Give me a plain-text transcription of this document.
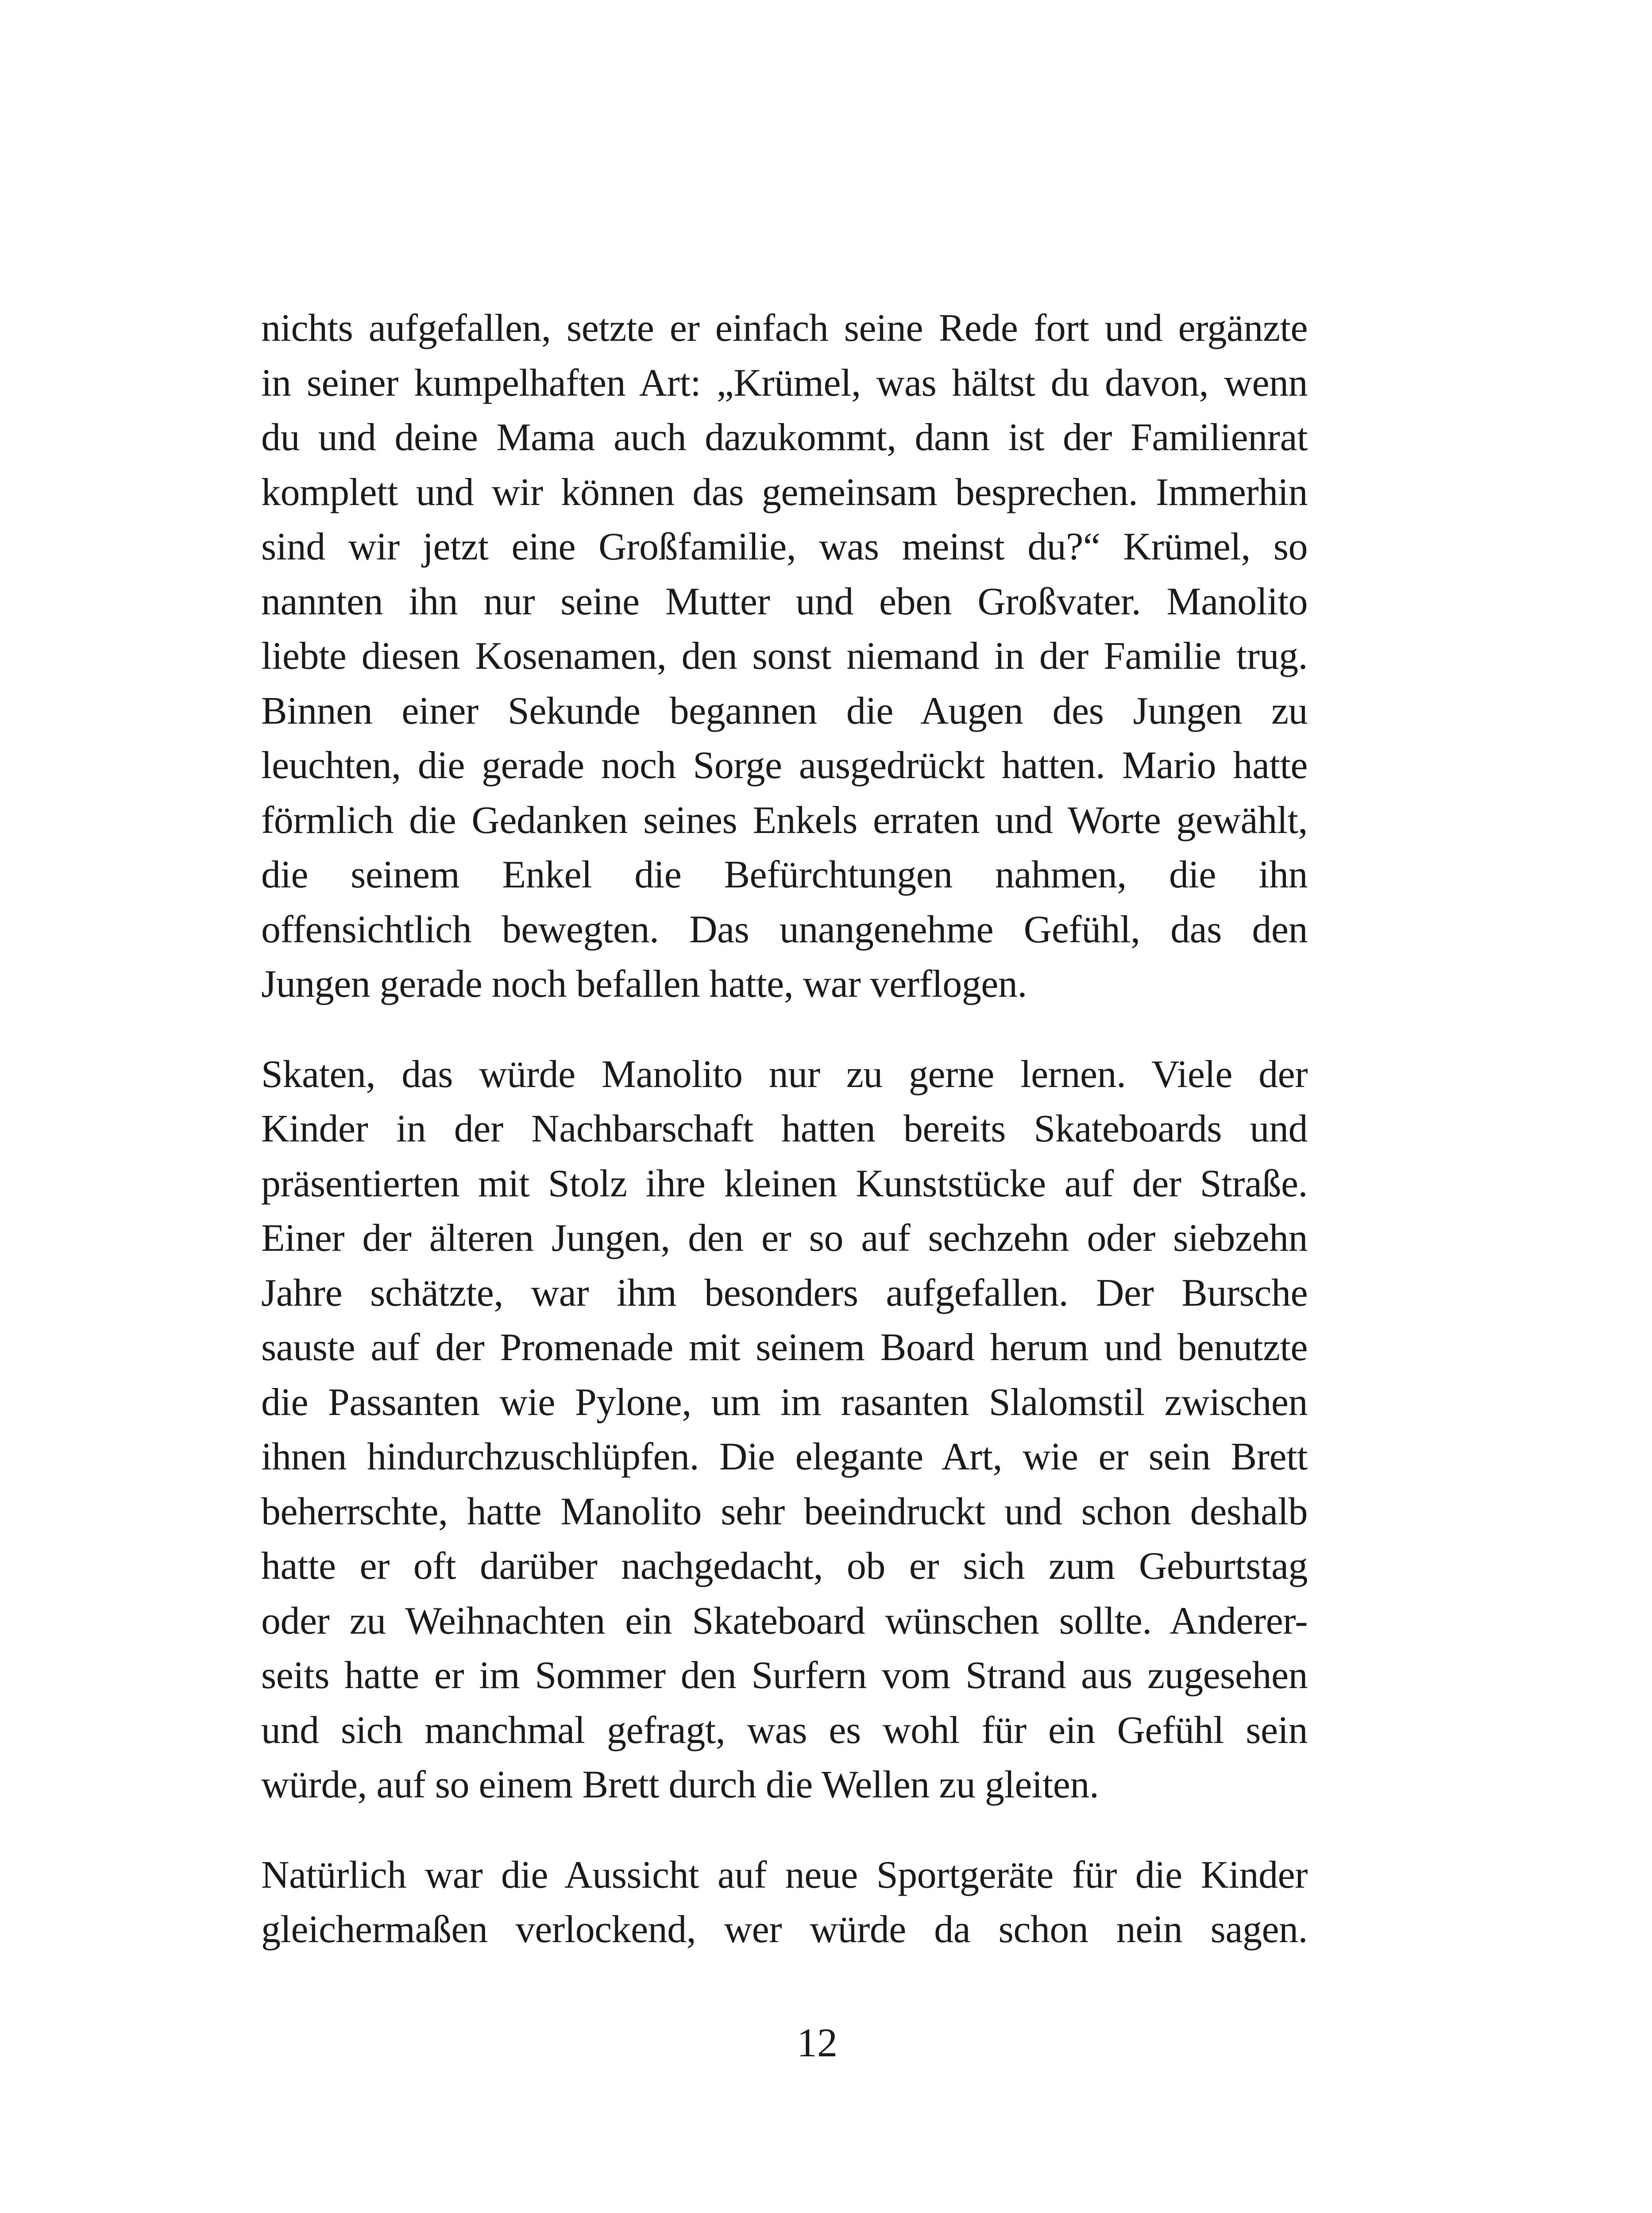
nichts aufgefallen, setzte er einfach seine Rede fort und ergänzte
in seiner kumpelhaften Art: „Krümel, was hältst du davon, wenn
du und deine Mama auch dazukommt, dann ist der Familienrat
komplett und wir können das gemeinsam besprechen. Immerhin
sind wir jetzt eine Großfamilie, was meinst du?“ Krümel, so
nannten ihn nur seine Mutter und eben Großvater. Manolito
liebte diesen Kosenamen, den sonst niemand in der Familie trug.
Binnen einer Sekunde begannen die Augen des Jungen zu
leuchten, die gerade noch Sorge ausgedrückt hatten. Mario hatte
förmlich die Gedanken seines Enkels erraten und Worte gewählt,
die seinem Enkel die Befürchtungen nahmen, die ihn
offensichtlich bewegten. Das unangenehme Gefühl, das den
Jungen gerade noch befallen hatte, war verflogen.
Skaten, das würde Manolito nur zu gerne lernen. Viele der
Kinder in der Nachbarschaft hatten bereits Skateboards und
präsentierten mit Stolz ihre kleinen Kunststücke auf der Straße.
Einer der älteren Jungen, den er so auf sechzehn oder siebzehn
Jahre schätzte, war ihm besonders aufgefallen. Der Bursche
sauste auf der Promenade mit seinem Board herum und benutzte
die Passanten wie Pylone, um im rasanten Slalomstil zwischen
ihnen hindurchzuschlüpfen. Die elegante Art, wie er sein Brett
beherrschte, hatte Manolito sehr beeindruckt und schon deshalb
hatte er oft darüber nachgedacht, ob er sich zum Geburtstag
oder zu Weihnachten ein Skateboard wünschen sollte. Anderer-
seits hatte er im Sommer den Surfern vom Strand aus zugesehen
und sich manchmal gefragt, was es wohl für ein Gefühl sein
würde, auf so einem Brett durch die Wellen zu gleiten.
Natürlich war die Aussicht auf neue Sportgeräte für die Kinder
gleichermaßen verlockend, wer würde da schon nein sagen.
12
